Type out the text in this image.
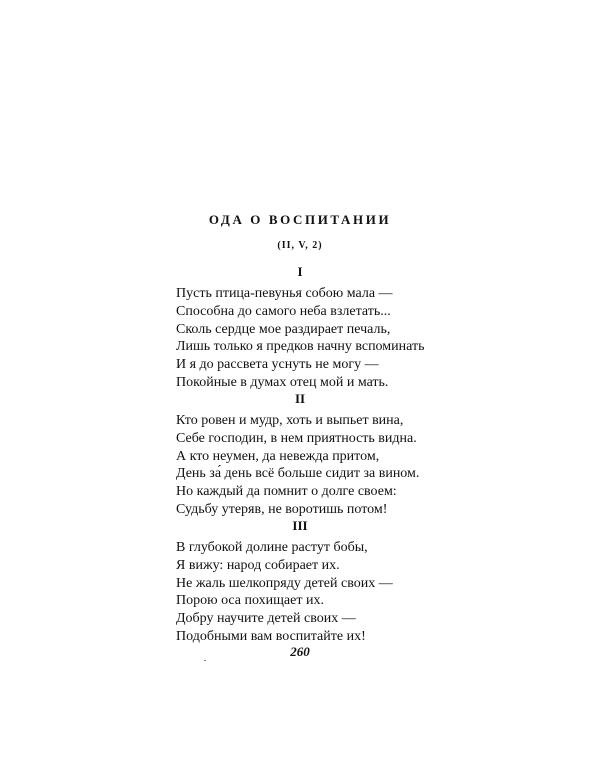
ОДА О ВОСПИТАНИИ
(II, V, 2)
I
Пусть птица-певунья собою мала —
Способна до самого неба взлетать...
Сколь сердце мое раздирает печаль,
Лишь только я предков начну вспоминать
И я до рассвета уснуть не могу —
Покойные в думах отец мой и мать.
II
Кто ровен и мудр, хоть и выпьет вина,
Себе господин, в нем приятность видна.
А кто неумен, да невежда притом,
День за́ день всё больше сидит за вином.
Но каждый да помнит о долге своем:
Судьбу утеряв, не воротишь потом!
III
В глубокой долине растут бобы,
Я вижу: народ собирает их.
Не жаль шелкопряду детей своих —
Порою оса похищает их.
Добру научите детей своих —
Подобными вам воспитайте их!
260
